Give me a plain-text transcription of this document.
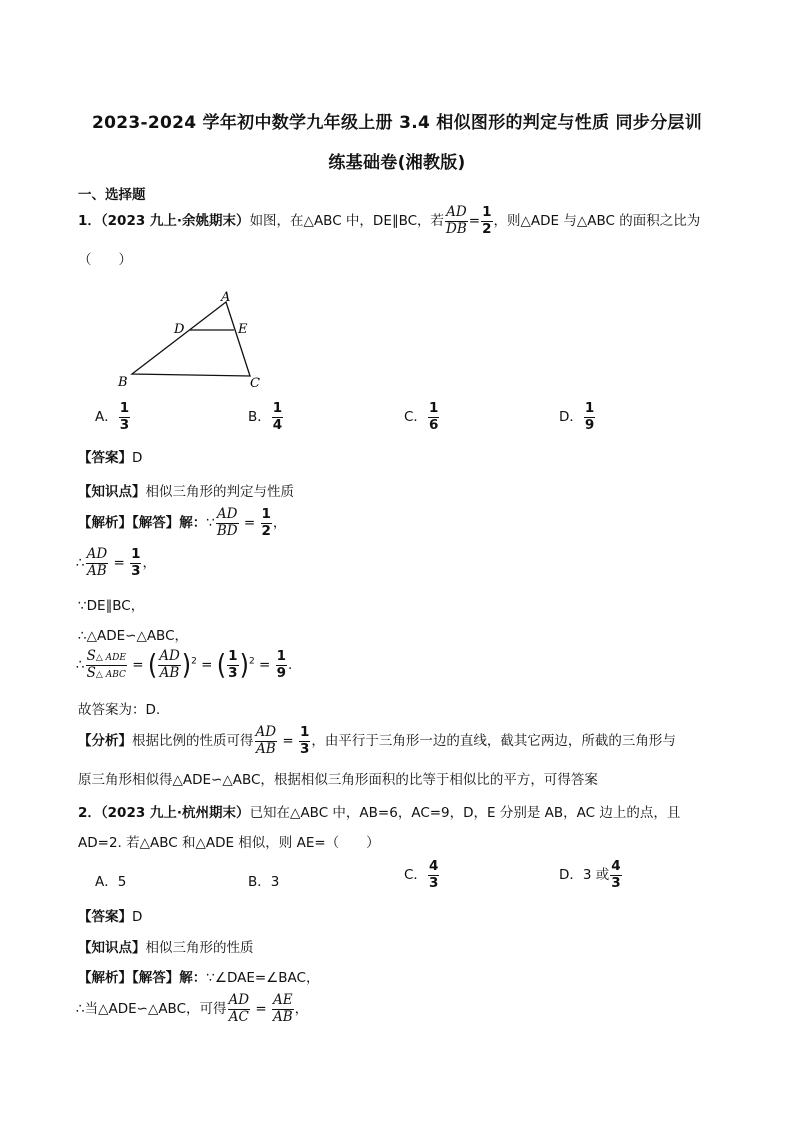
2023-2024 学年初中数学九年级上册 3.4 相似图形的判定与性质 同步分层训
练基础卷(湘教版)
一、选择题
1．（2023 九上·余姚期末）如图，在△ABC 中，DE∥BC，若 $\frac{AD}{DB} = \frac{1}{2}$ ，则△ADE 与△ABC 的面积之比为
（　　）
A
D	E
B	C
A． $\frac{1}{3}$	B． $\frac{1}{4}$	C． $\frac{1}{6}$	D． $\frac{1}{9}$
【答案】D
【知识点】相似三角形的判定与性质
【解析】【解答】解：∵ $\frac{AD}{BD} = \frac{1}{2}$ ，
∴ $\frac{AD}{AB} = \frac{1}{3}$ ，
∵DE∥BC，
∴△ADE∽△ABC，
∴ $\frac{\text{S△ ADE}}{\text{S△ ABC}}$ = ( $\frac{AD}{AB} )^2$ = ( $\frac{1}{3} )^2 = \frac{1}{9}$ .
故答案为：D.
【分析】根据比例的性质可得 $\frac{AD}{AB} = \frac{1}{3}$ ，由平行于三角形一边的直线，截其它两边，所截的三角形与
原三角形相似得△ADE∽△ABC，根据相似三角形面积的比等于相似比的平方，可得答案
2．（2023 九上·杭州期末）已知在△ABC 中，AB=6，AC=9，D，E 分别是 AB，AC 边上的点，且
AD=2. 若△ABC 和△ADE 相似，则 AE=（　　）
A．5	B．3	C． $\frac{4}{3}$	D．3 或 $\frac{4}{3}$
【答案】D
【知识点】相似三角形的性质
【解析】【解答】解：∵∠DAE=∠BAC，
∴当△ADE∽△ABC，可得 $\frac{AD}{AC} = \frac{AE}{AB}$ ，
